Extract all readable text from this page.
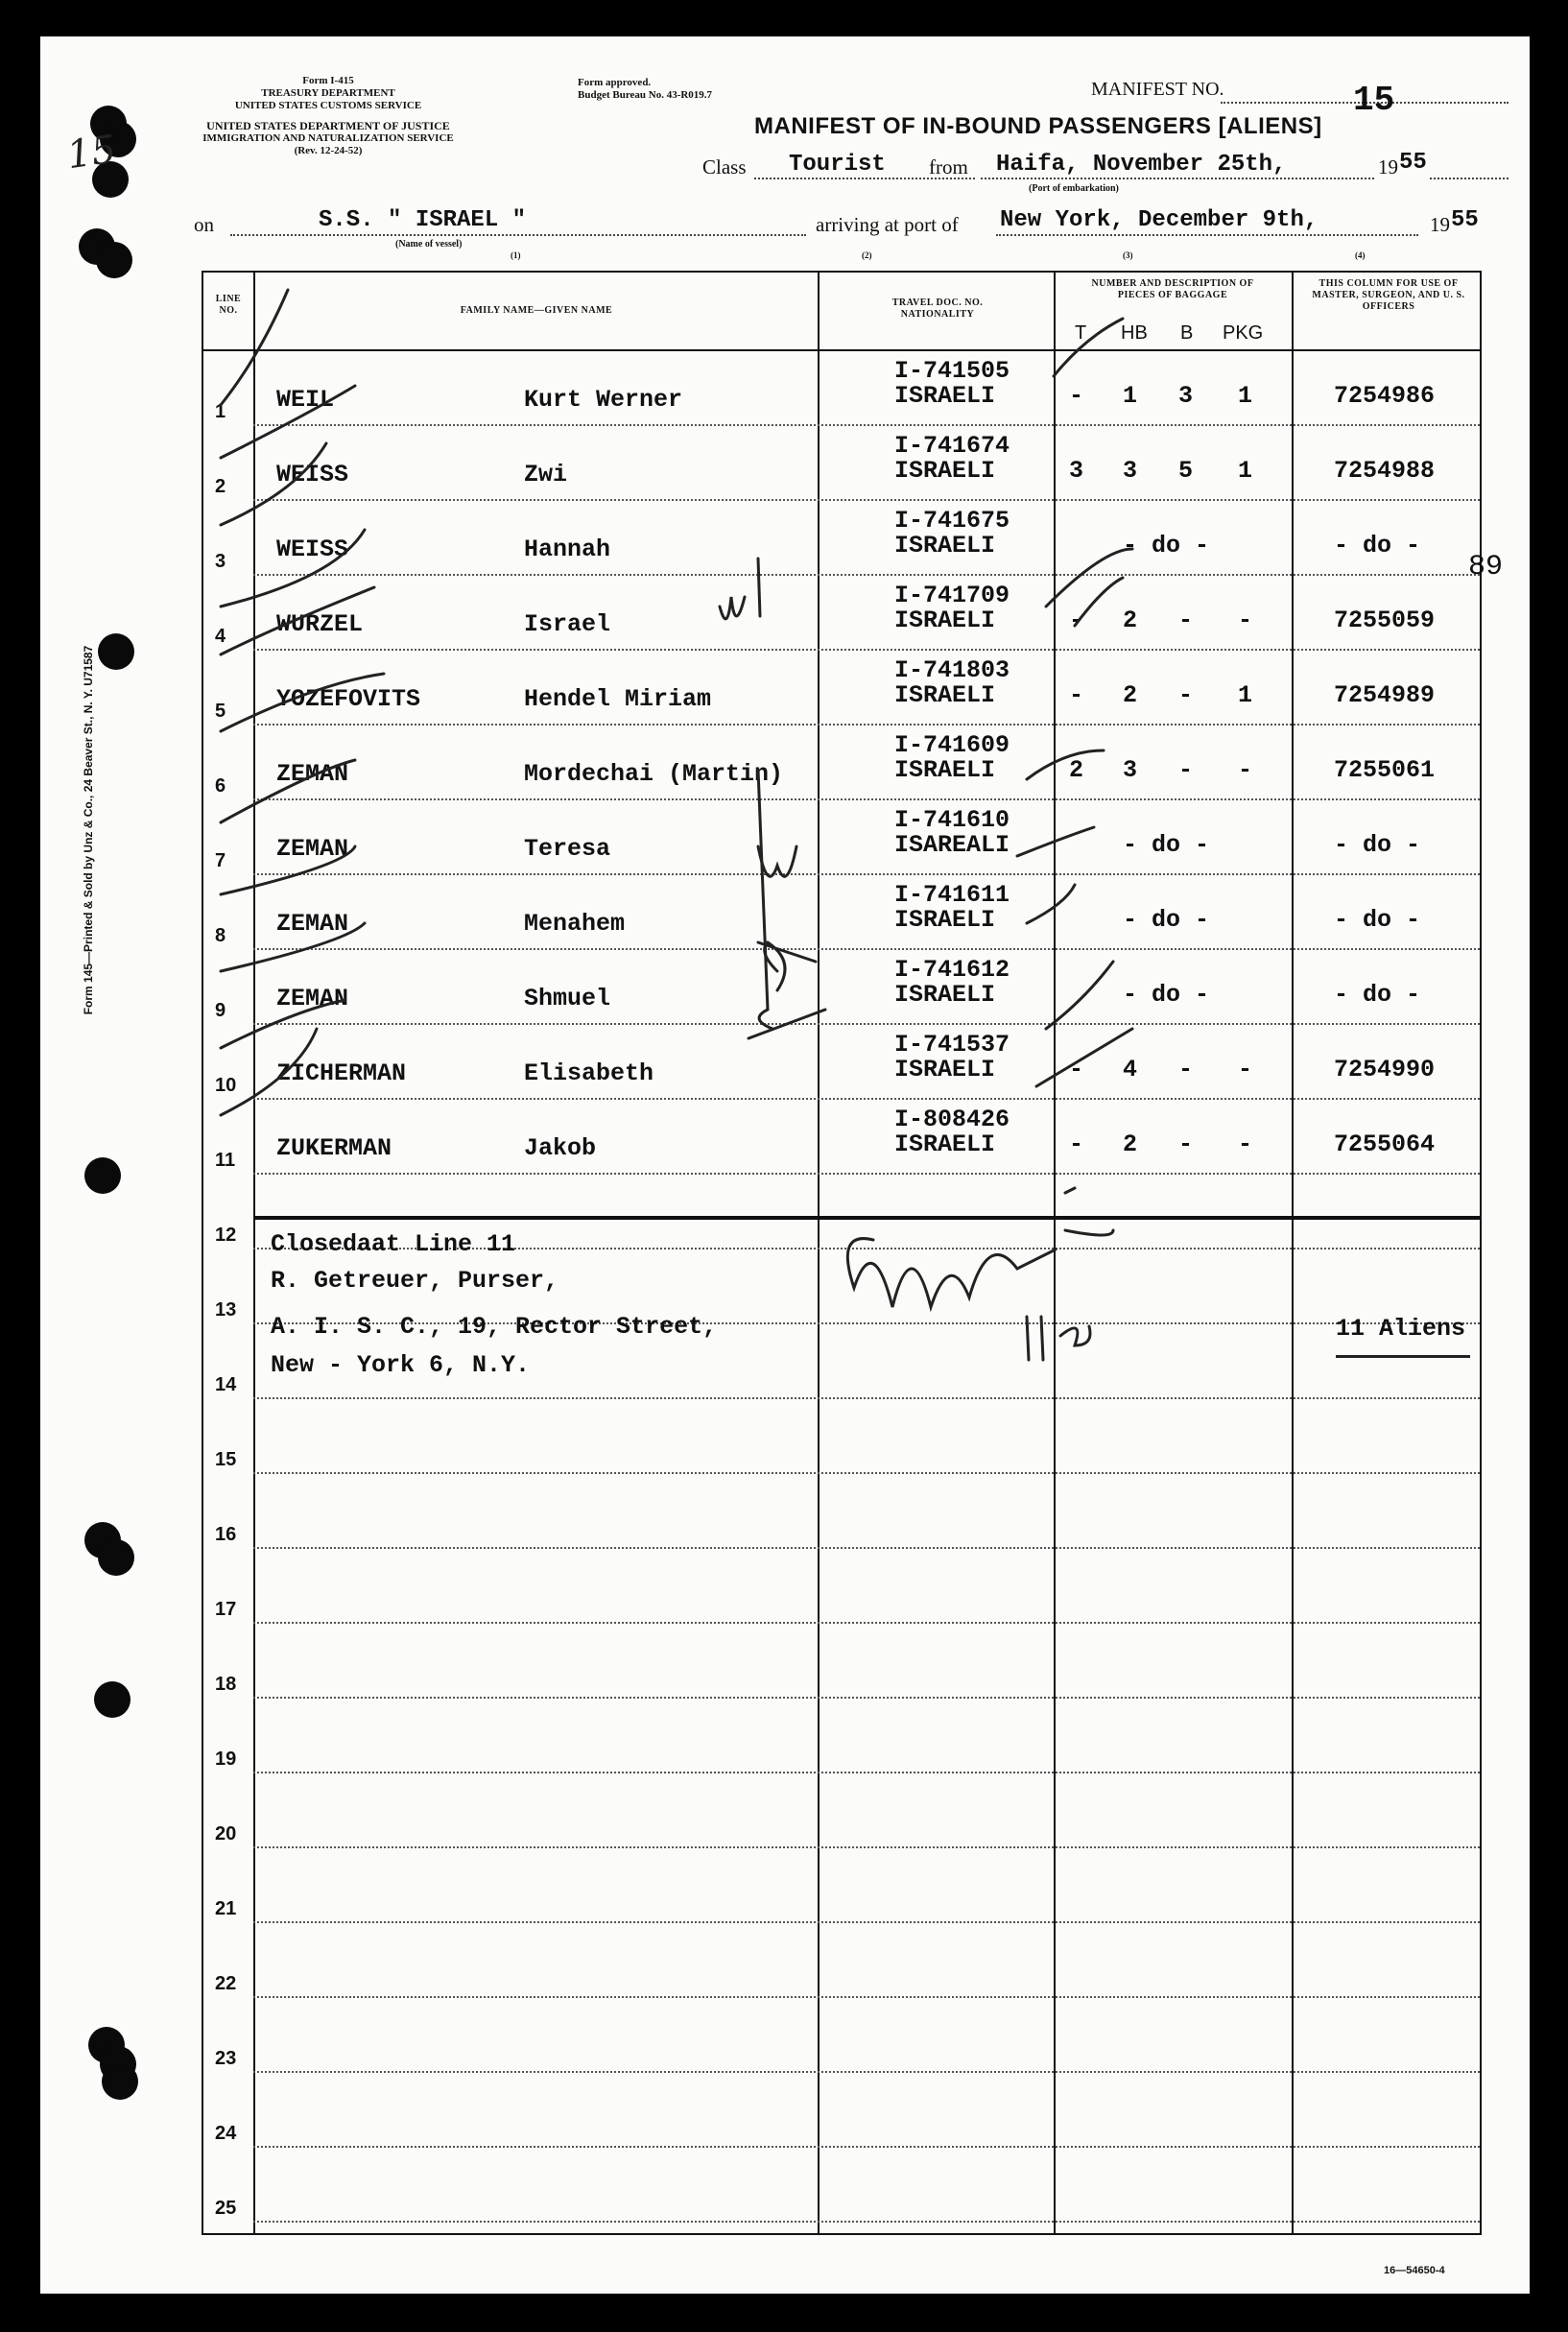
15
Form 145—Printed & Sold by Unz & Co., 24 Beaver St., N. Y. U71587
Form I-415
TREASURY DEPARTMENT
UNITED STATES CUSTOMS SERVICE
UNITED STATES DEPARTMENT OF JUSTICE
IMMIGRATION AND NATURALIZATION SERVICE
(Rev. 12-24-52)
Form approved.
Budget Bureau No. 43-R019.7	MANIFEST NO.	15
MANIFEST OF IN-BOUND PASSENGERS [ALIENS]
Class Tourist from Haifa, November 25th,	19 55
(Port of embarkation)
on	S.S. " ISRAEL "
(Name of vessel)
arriving at port of New York, December 9th,	19 55
(1)	(2)	(3)	(4)
LINE NO.	FAMILY NAME—GIVEN NAME
TRAVEL DOC. NO. NATIONALITY
NUMBER AND DESCRIPTION OF PIECES OF BAGGAGE
THIS COLUMN FOR USE OF MASTER, SURGEON, AND U. S. OFFICERS
T HB B PKG
1 WEIL	Kurt Werner
I-741505
ISRAELI	- 1 3 1	7254986
2 WEISS	Zwi
I-741674
ISRAELI	3 3 5 1	7254988
3 WEISS	Hannah
I-741675
ISRAELI	- do -	- do -
4 WURZEL	Israel
I-741709
ISRAELI	- 2 - -	7255059
5 YOZEFOVITS	Hendel Miriam
I-741803
ISRAELI	- 2 - 1	7254989
6 ZEMAN	Mordechai (Martin)
I-741609
ISRAELI	2 3 - -	7255061
7 ZEMAN	Teresa
I-741610
ISAREALI	- do -	- do -
8 ZEMAN	Menahem
I-741611
ISRAELI	- do -	- do -
9 ZEMAN	Shmuel
I-741612
ISRAELI	- do -	- do -
10 ZICHERMAN	Elisabeth
I-741537
ISRAELI	- 4 - -	7254990
11 ZUKERMAN	Jakob
I-808426
ISRAELI	- 2 - -	7255064
12
13
14
15
16
17
18
19
20
21
22
23
24
25
Closedaat Line 11
R. Getreuer, Purser,
A. I. S. C., 19, Rector Street,
New - York 6, N.Y.
11 Aliens
89
16—54650-4
